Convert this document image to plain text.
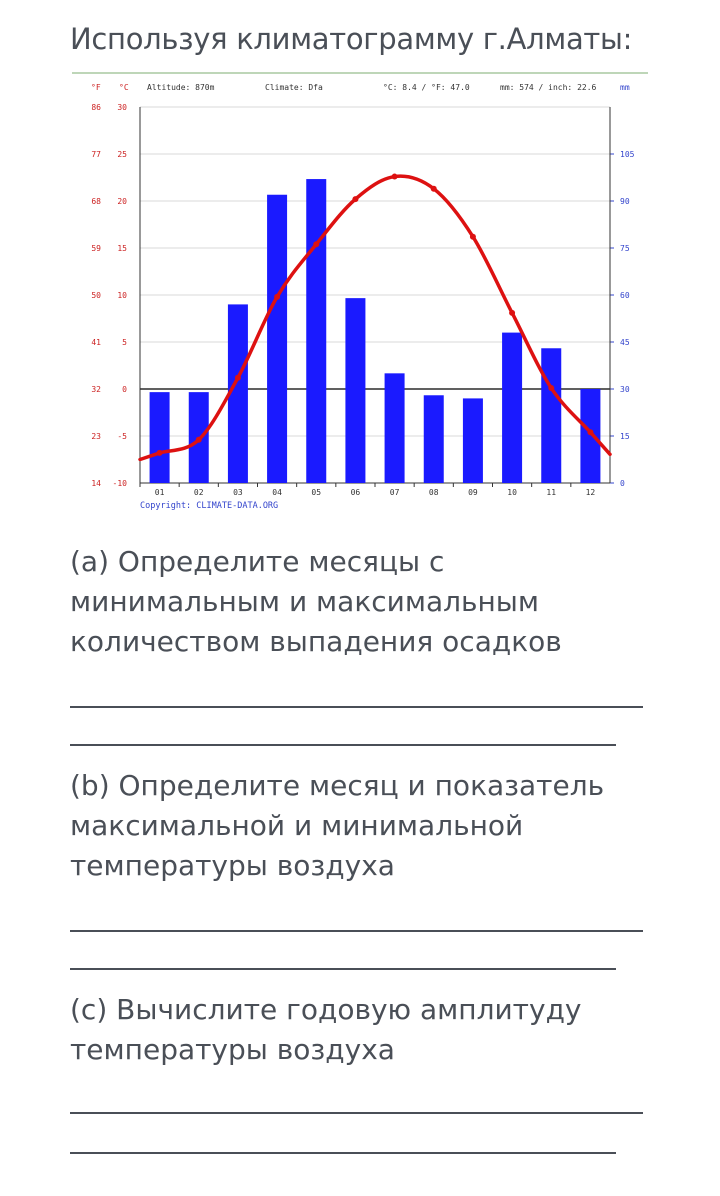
Используя климатограмму г.Алматы:
30
86
25
77
20
68
15
59
10
50
5
41
0
32
-5
23
-10
14
105
90
75
60
45
30
15
0
01	02	03	04	05	06	07	08	09	10	11	12
°F °C Altitude: 870m	Climate: Dfa	°C: 8.4 / °F: 47.0	mm: 574 / inch: 22.6	mm
Copyright: CLIMATE-DATA.ORG
(a) Определите месяцы с минимальным и максимальным количеством выпадения осадков
(b) Определите месяц и показатель максимальной и минимальной температуры воздуха
(c) Вычислите годовую амплитуду температуры воздуха
